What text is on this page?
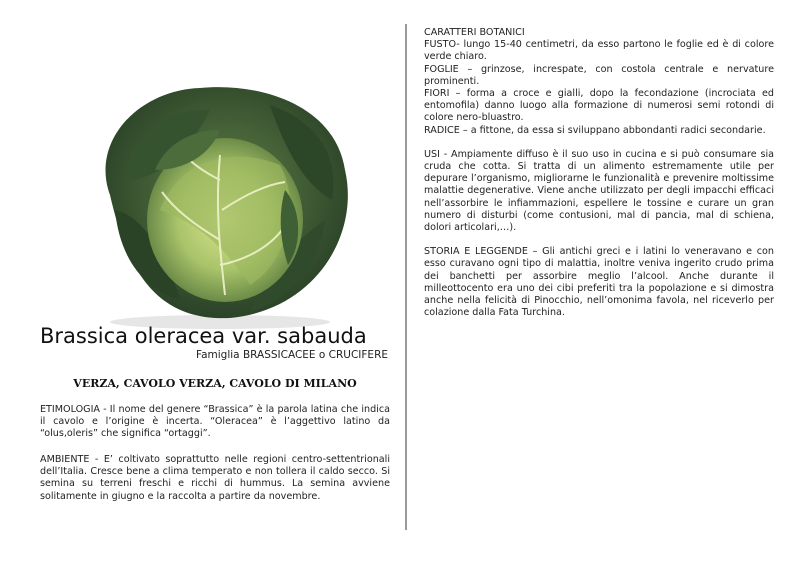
Brassica oleracea var. sabauda
Famiglia BRASSICACEE o CRUCIFERE
VERZA, CAVOLO VERZA, CAVOLO DI MILANO

ETIMOLOGIA - Il nome del genere “Brassica” è la parola latina che indica il cavolo e l’origine è incerta. “Oleracea” è l’aggettivo latino da “olus,oleris” che significa “ortaggi”.

AMBIENTE - E’ coltivato soprattutto nelle regioni centro-settentrionali dell’Italia. Cresce bene a clima temperato e non tollera il caldo secco. Si semina su terreni freschi e ricchi di hummus. La semina avviene solitamente in giugno e la raccolta a partire da novembre.

CARATTERI BOTANICI

FUSTO- lungo 15-40 centimetri, da esso partono le foglie ed è di colore verde chiaro.

FOGLIE – grinzose, increspate, con costola centrale e nervature prominenti.

FIORI – forma a croce e gialli, dopo la fecondazione (incrociata ed entomofila) danno luogo alla formazione di numerosi semi rotondi di colore nero-bluastro.

RADICE – a fittone, da essa si sviluppano abbondanti radici secondarie.

USI - Ampiamente diffuso è il suo uso in cucina e si può consumare sia cruda che cotta. Si tratta di un alimento estremamente utile per depurare l’organismo, migliorarne le funzionalità e prevenire moltissime malattie degenerative. Viene anche utilizzato per degli impacchi efficaci nell’assorbire le infiammazioni, espellere le tossine e curare un gran numero di disturbi (come contusioni, mal di pancia, mal di schiena, dolori articolari,…).

STORIA E LEGGENDE – Gli antichi greci e i latini lo veneravano e con esso curavano ogni tipo di malattia, inoltre veniva ingerito crudo prima dei banchetti per assorbire meglio l’alcool. Anche durante il milleottocento era uno dei cibi preferiti tra la popolazione e si dimostra anche nella felicità di Pinocchio, nell’omonima favola, nel riceverlo per colazione dalla Fata Turchina.
